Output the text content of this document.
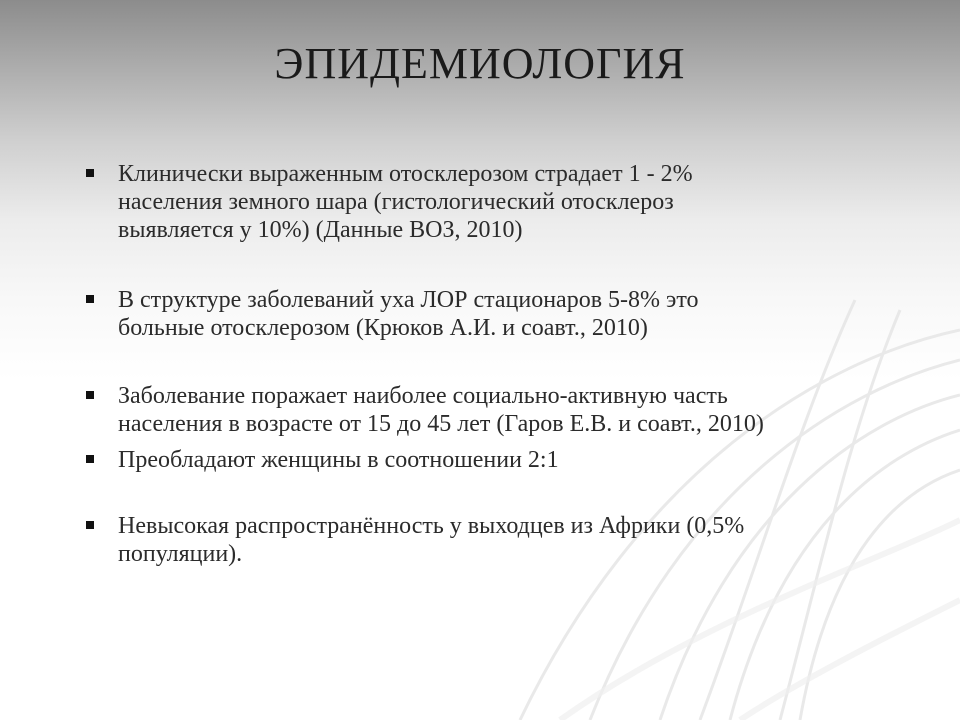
ЭПИДЕМИОЛОГИЯ
Клинически выраженным отосклерозом страдает 1 - 2%
населения земного шара (гистологический отосклероз
выявляется у 10%) (Данные ВОЗ, 2010)
В структуре заболеваний уха ЛОР стационаров 5-8% это
больные отосклерозом (Крюков А.И. и соавт., 2010)
Заболевание поражает наиболее социально-активную часть
населения в возрасте от 15 до 45 лет (Гаров Е.В. и соавт., 2010)
Преобладают женщины в соотношении 2:1
Невысокая распространённость у выходцев из Африки (0,5%
популяции).
